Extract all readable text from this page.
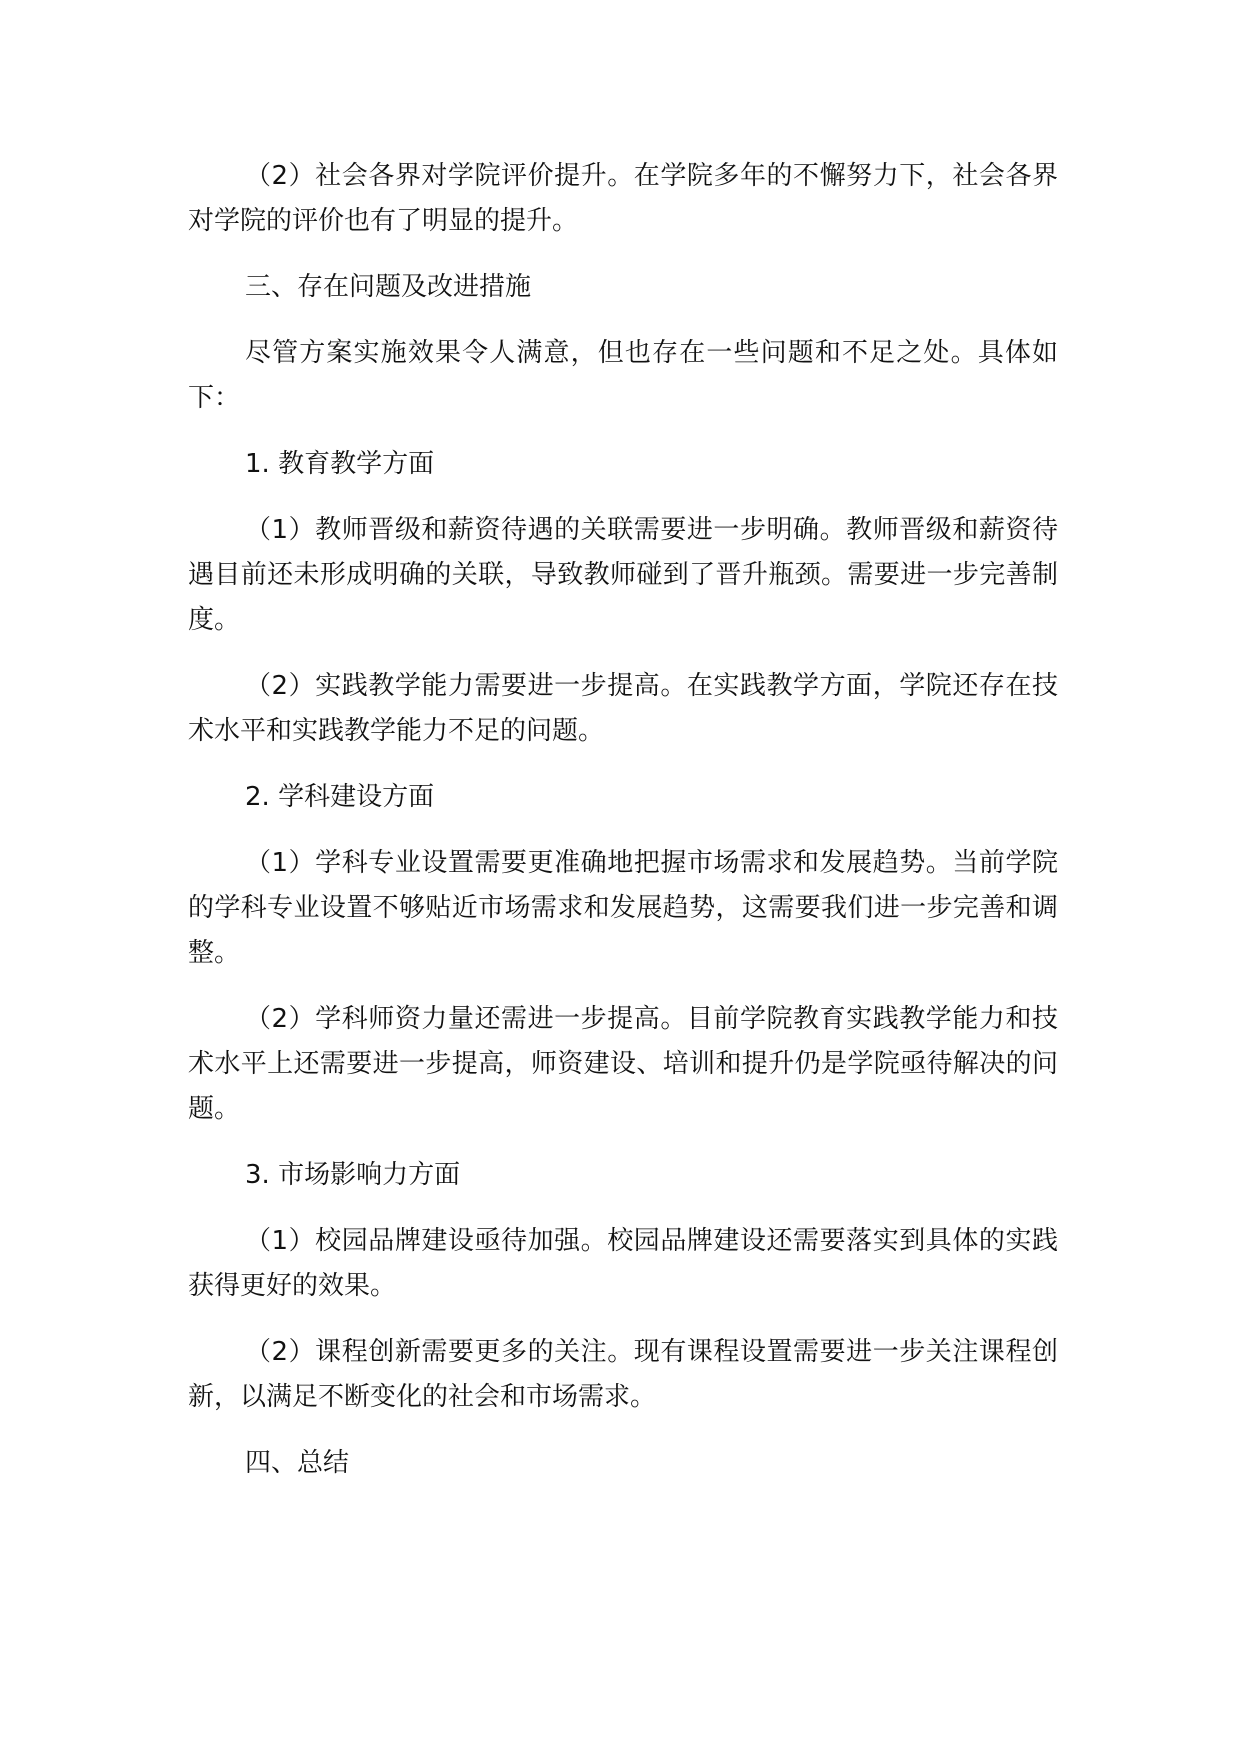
（2）社会各界对学院评价提升。在学院多年的不懈努力下，社会各界对学院的评价也有了明显的提升。

三、存在问题及改进措施

尽管方案实施效果令人满意，但也存在一些问题和不足之处。具体如下：

1. 教育教学方面

（1）教师晋级和薪资待遇的关联需要进一步明确。教师晋级和薪资待遇目前还未形成明确的关联，导致教师碰到了晋升瓶颈。需要进一步完善制度。

（2）实践教学能力需要进一步提高。在实践教学方面，学院还存在技术水平和实践教学能力不足的问题。

2. 学科建设方面

（1）学科专业设置需要更准确地把握市场需求和发展趋势。当前学院的学科专业设置不够贴近市场需求和发展趋势，这需要我们进一步完善和调整。

（2）学科师资力量还需进一步提高。目前学院教育实践教学能力和技术水平上还需要进一步提高，师资建设、培训和提升仍是学院亟待解决的问题。

3. 市场影响力方面

（1）校园品牌建设亟待加强。校园品牌建设还需要落实到具体的实践获得更好的效果。

（2）课程创新需要更多的关注。现有课程设置需要进一步关注课程创新，以满足不断变化的社会和市场需求。

四、总结
